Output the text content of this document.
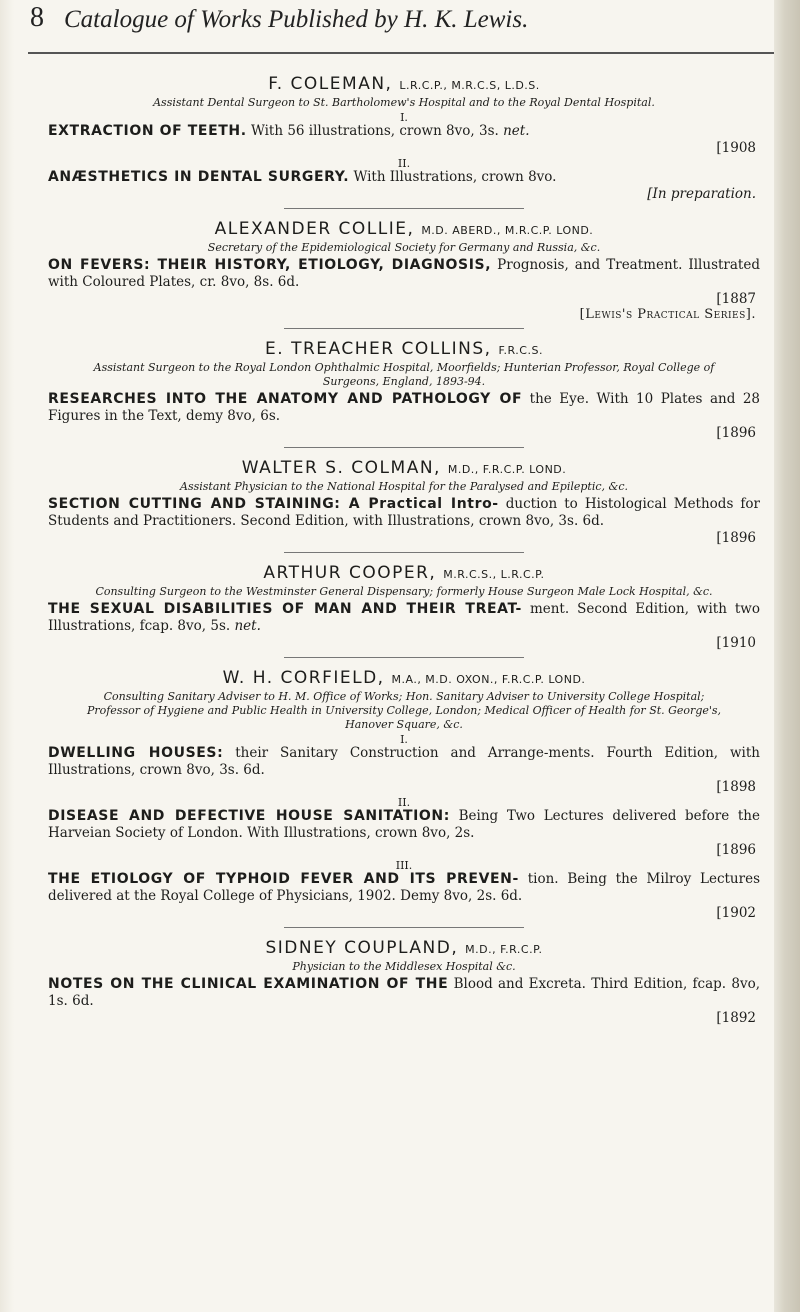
8 Catalogue of Works Published by H. K. Lewis.
F. COLEMAN, L.R.C.P., M.R.C.S, L.D.S.
Assistant Dental Surgeon to St. Bartholomew's Hospital and to the Royal Dental Hospital.
I.

EXTRACTION OF TEETH. With 56 illustrations, crown 8vo, 3s. net.

[1908
II.

ANÆSTHETICS IN DENTAL SURGERY. With Illustrations, crown 8vo.

[In preparation.
ALEXANDER COLLIE, M.D. ABERD., M.R.C.P. LOND.
Secretary of the Epidemiological Society for Germany and Russia, &c.

ON FEVERS: THEIR HISTORY, ETIOLOGY, DIAGNOSIS, Prognosis, and Treatment. Illustrated with Coloured Plates, cr. 8vo, 8s. 6d.

[1887
[Lewis's Practical Series].
E. TREACHER COLLINS, F.R.C.S.
Assistant Surgeon to the Royal London Ophthalmic Hospital, Moorfields; Hunterian Professor, Royal College of Surgeons, England, 1893-94.

RESEARCHES INTO THE ANATOMY AND PATHOLOGY OF the Eye. With 10 Plates and 28 Figures in the Text, demy 8vo, 6s.

[1896
WALTER S. COLMAN, M.D., F.R.C.P. LOND.
Assistant Physician to the National Hospital for the Paralysed and Epileptic, &c.

SECTION CUTTING AND STAINING: A Practical Intro- duction to Histological Methods for Students and Practitioners. Second Edition, with Illustrations, crown 8vo, 3s. 6d.

[1896
ARTHUR COOPER, M.R.C.S., L.R.C.P.
Consulting Surgeon to the Westminster General Dispensary; formerly House Surgeon Male Lock Hospital, &c.

THE SEXUAL DISABILITIES OF MAN AND THEIR TREAT- ment. Second Edition, with two Illustrations, fcap. 8vo, 5s. net.

[1910
W. H. CORFIELD, M.A., M.D. OXON., F.R.C.P. LOND.
Consulting Sanitary Adviser to H. M. Office of Works; Hon. Sanitary Adviser to University College Hospital; Professor of Hygiene and Public Health in University College, London; Medical Officer of Health for St. George's, Hanover Square, &c.
I.

DWELLING HOUSES: their Sanitary Construction and Arrange-ments. Fourth Edition, with Illustrations, crown 8vo, 3s. 6d.

[1898
II.

DISEASE AND DEFECTIVE HOUSE SANITATION: Being Two Lectures delivered before the Harveian Society of London. With Illustrations, crown 8vo, 2s.

[1896
III.

THE ETIOLOGY OF TYPHOID FEVER AND ITS PREVEN- tion. Being the Milroy Lectures delivered at the Royal College of Physicians, 1902. Demy 8vo, 2s. 6d.

[1902
SIDNEY COUPLAND, M.D., F.R.C.P.
Physician to the Middlesex Hospital &c.

NOTES ON THE CLINICAL EXAMINATION OF THE Blood and Excreta. Third Edition, fcap. 8vo, 1s. 6d.

[1892
